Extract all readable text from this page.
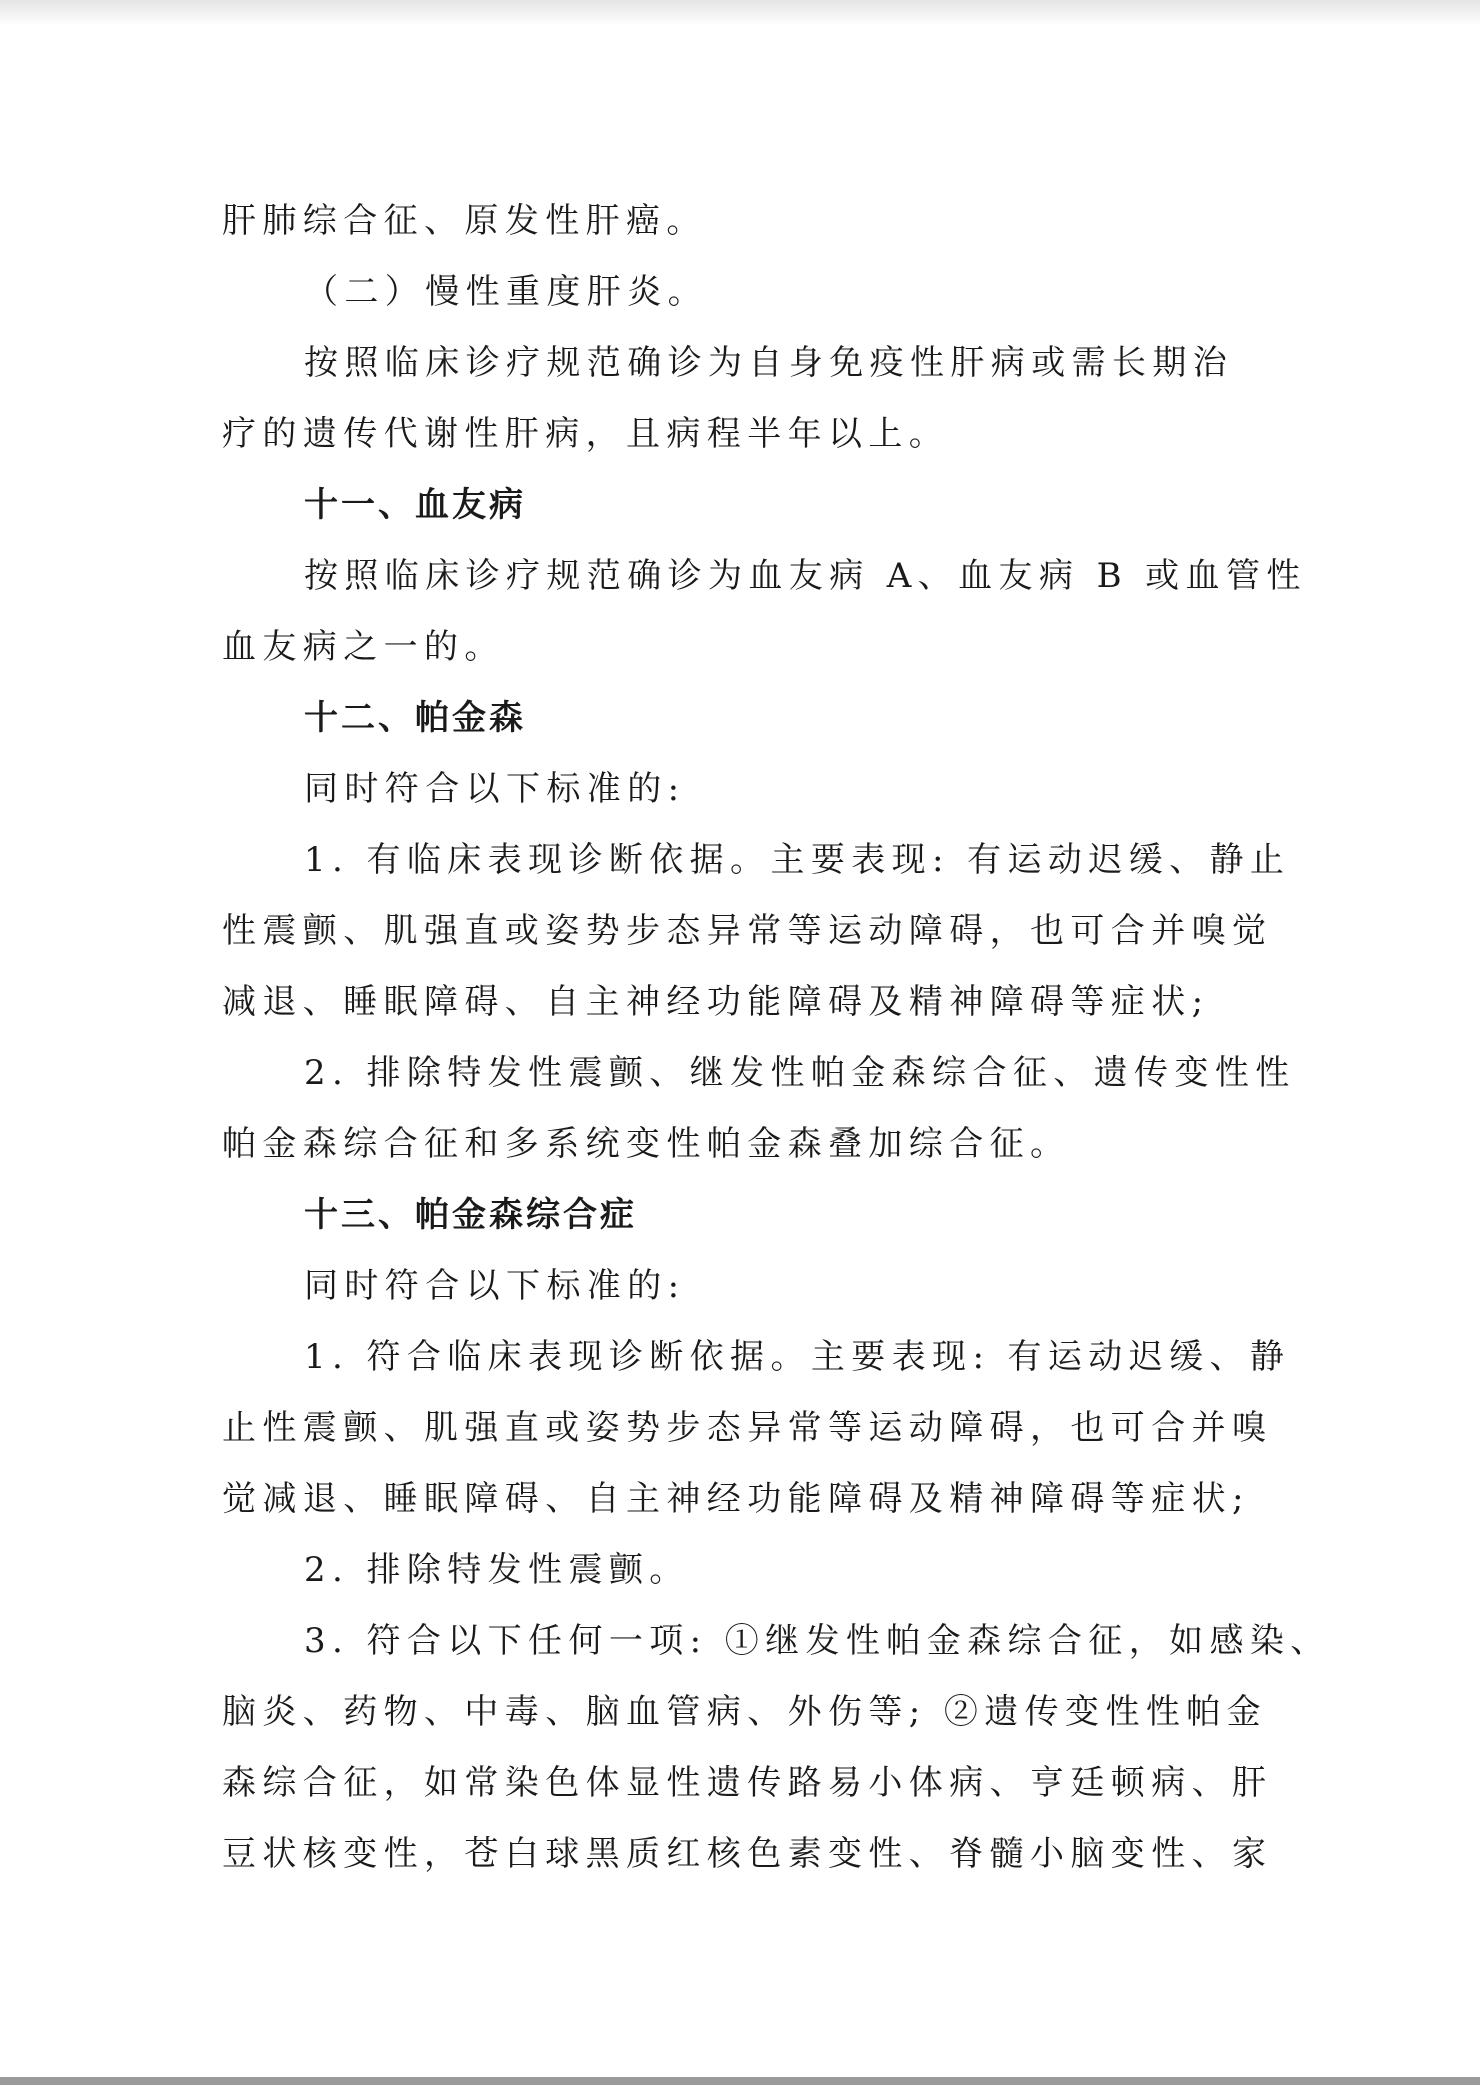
肝肺综合征、原发性肝癌。

（二）慢性重度肝炎。

按照临床诊疗规范确诊为自身免疫性肝病或需长期治

疗的遗传代谢性肝病，且病程半年以上。

十一、血友病

按照临床诊疗规范确诊为血友病 A、血友病 B 或血管性

血友病之一的。

十二、帕金森

同时符合以下标准的:

1. 有临床表现诊断依据。主要表现: 有运动迟缓、静止

性震颤、肌强直或姿势步态异常等运动障碍，也可合并嗅觉

减退、睡眠障碍、自主神经功能障碍及精神障碍等症状;

2. 排除特发性震颤、继发性帕金森综合征、遗传变性性

帕金森综合征和多系统变性帕金森叠加综合征。

十三、帕金森综合症

同时符合以下标准的:

1. 符合临床表现诊断依据。主要表现: 有运动迟缓、静

止性震颤、肌强直或姿势步态异常等运动障碍，也可合并嗅

觉减退、睡眠障碍、自主神经功能障碍及精神障碍等症状;

2. 排除特发性震颤。

3. 符合以下任何一项: ①继发性帕金森综合征，如感染、

脑炎、药物、中毒、脑血管病、外伤等; ②遗传变性性帕金

森综合征，如常染色体显性遗传路易小体病、亨廷顿病、肝

豆状核变性，苍白球黑质红核色素变性、脊髓小脑变性、家
